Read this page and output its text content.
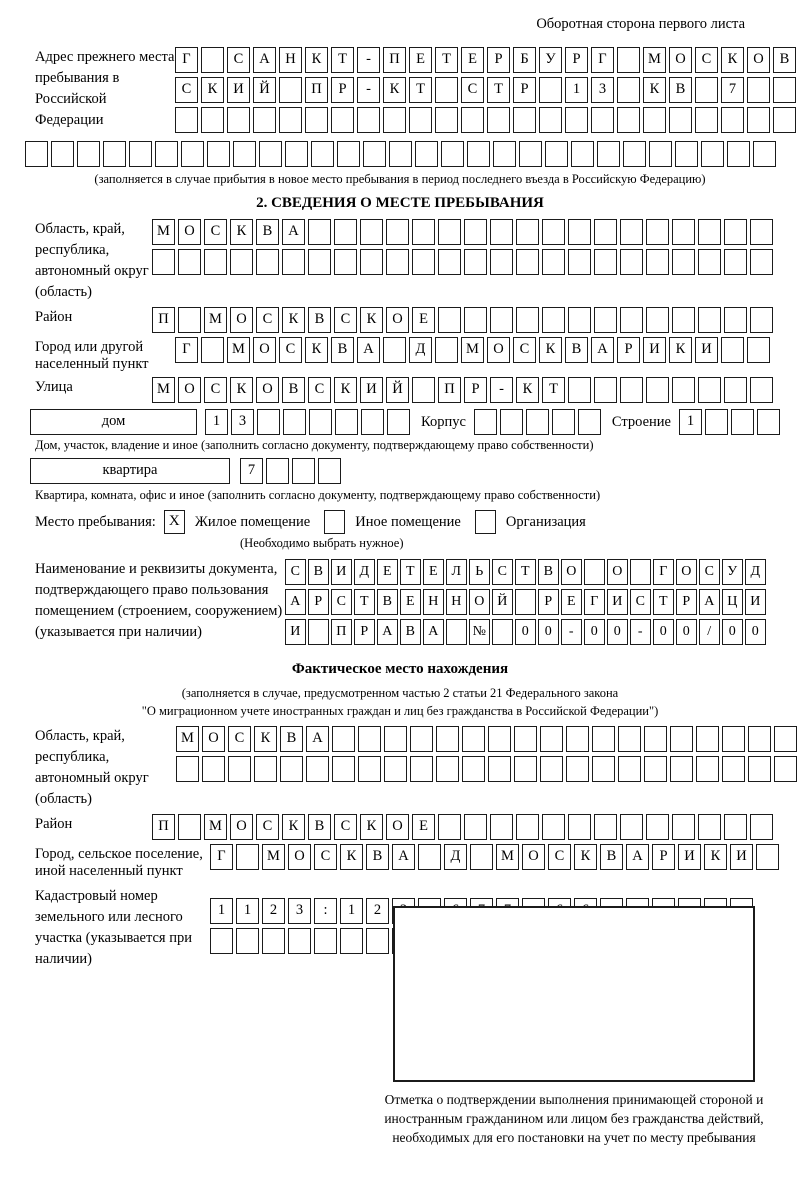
Оборотная сторона первого листа
Адрес прежнего места пребывания в Российской Федерации
Г	С	А	Н	К	Т	-	П	Е	Т	Е	Р	Б	У	Р	Г	М О	С	К	О	В
С	К	И	Й	П	Р	-	К	Т	С	Т	Р	1	3	К	В	7
(заполняется в случае прибытия в новое место пребывания в период последнего въезда в Российскую Федерацию)
2. СВЕДЕНИЯ О МЕСТЕ ПРЕБЫВАНИЯ
Область, край, республика, автономный округ (область)
М О	С	К	В	А
Район	П	М О	С	К	В	С	К	О	Е
Город или другой населенный пункт
Г	М О	С	К	В	А	Д	М О	С	К	В	А	Р	И	К	И
Улица	М О	С	К	О	В	С	К	И	Й	П	Р	-	К	Т
дом	1	3	Корпус	Строение	1
Дом, участок, владение и иное (заполнить согласно документу, подтверждающему право собственности)
квартира	7
Квартира, комната, офис и иное (заполнить согласно документу, подтверждающему право собственности)
Место пребывания: X	Жилое помещение	Иное помещение	Организация
(Необходимо выбрать нужное)
Наименование и реквизиты документа, подтверждающего право пользования помещением (строением, сооружением) (указывается при наличии)
С В И Д Е	Т	Е Л	Ь	С	Т	В О	О	Г О С У Д
А	Р	С	Т	В	Е Н Н О Й	Р	Е	Г И С	Т	Р	А Ц И
И	П	Р	А В А	№	0	0	-	0	0	-	0	0	/	0	0
Фактическое место нахождения
(заполняется в случае, предусмотренном частью 2 статьи 21 Федерального закона
"О миграционном учете иностранных граждан и лиц без гражданства в Российской Федерации")
Область, край, республика, автономный округ (область)
М О	С	К	В	А
Район	П	М О	С	К	В	С	К	О	Е
Город, сельское поселение, иной населенный пункт
Г	М О	С	К	В	А	Д	М О	С	К	В	А	Р	И	К	И
Кадастровый номер земельного или лесного участка (указывается при наличии)
1	1	2	3	:	1	2
Отметка о подтверждении выполнения принимающей стороной и иностранным гражданином или лицом без гражданства действий, необходимых для его постановки на учет по месту пребывания
